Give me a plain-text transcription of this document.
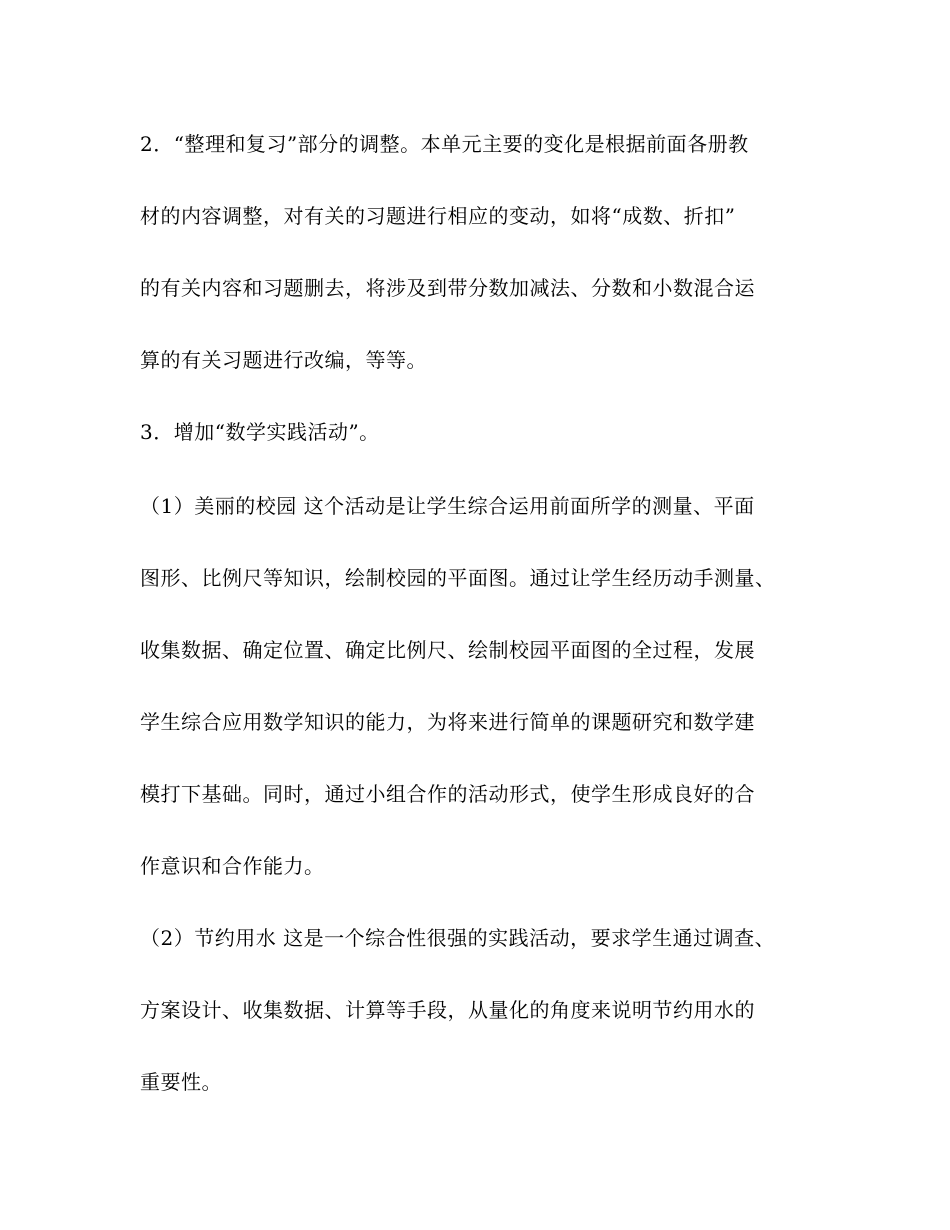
2．“整理和复习”部分的调整。本单元主要的变化是根据前面各册教
材的内容调整，对有关的习题进行相应的变动，如将“成数、折扣”
的有关内容和习题删去，将涉及到带分数加减法、分数和小数混合运
算的有关习题进行改编，等等。
3．增加“数学实践活动”。
（1）美丽的校园 这个活动是让学生综合运用前面所学的测量、平面
图形、比例尺等知识，绘制校园的平面图。通过让学生经历动手测量、
收集数据、确定位置、确定比例尺、绘制校园平面图的全过程，发展
学生综合应用数学知识的能力，为将来进行简单的课题研究和数学建
模打下基础。同时，通过小组合作的活动形式，使学生形成良好的合
作意识和合作能力。
（2）节约用水 这是一个综合性很强的实践活动，要求学生通过调查、
方案设计、收集数据、计算等手段，从量化的角度来说明节约用水的
重要性。
